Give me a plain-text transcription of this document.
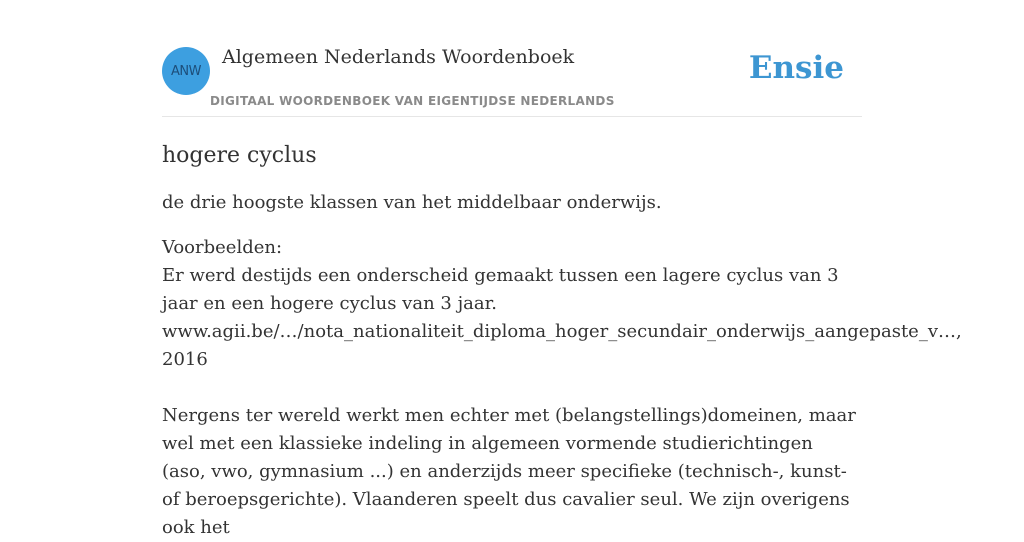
ANW
Algemeen Nederlands Woordenboek
DIGITAAL WOORDENBOEK VAN EIGENTIJDSE NEDERLANDS
Ensie
hogere cyclus

de drie hoogste klassen van het middelbaar onderwijs.

Voorbeelden:
Er werd destijds een onderscheid gemaakt tussen een lagere cyclus van 3 jaar en een hogere cyclus van 3 jaar.
www.agii.be/…/nota_nationaliteit_diploma_hoger_secundair_onderwijs_aangepaste_v…,
2016
Nergens ter wereld werkt men echter met (belangstellings)domeinen, maar wel met een klassieke indeling in algemeen vormende studierichtingen (aso, vwo, gymnasium ...) en anderzijds meer specifieke (technisch-, kunst- of beroepsgerichte). Vlaanderen speelt dus cavalier seul. We zijn overigens ook het
